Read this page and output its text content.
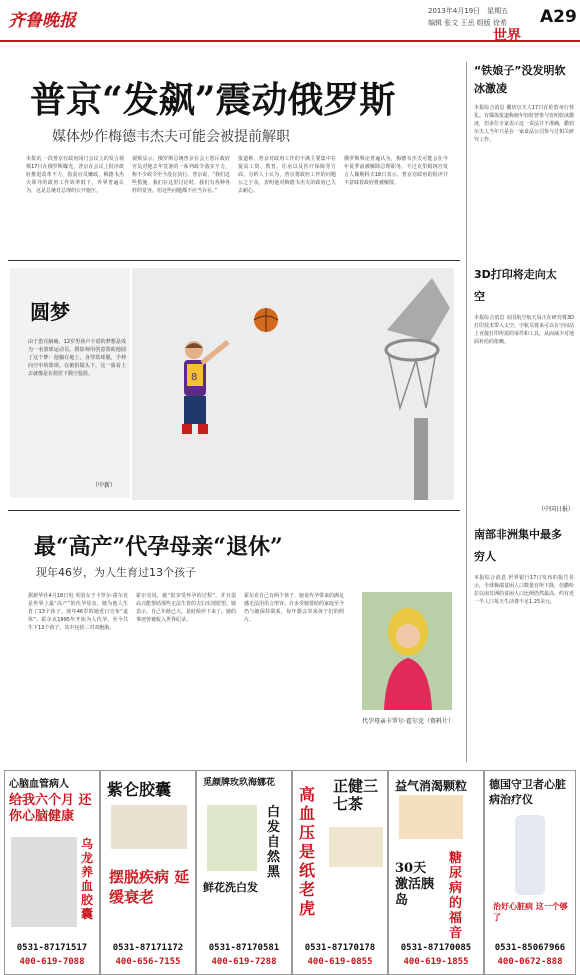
齐鲁晚报	2013年4月19日　星期五
编辑 张文 王岳 组版 徐希 A29
世界
普京“发飙”震动俄罗斯
媒体炒作梅德韦杰夫可能会被提前解职
本报讯 一段普京在政府闭门会议上的发言视频17日在俄罗斯曝光，普京在会议上批评政府推进改革不力，指责官员懒政，梅德韦杰夫领导的政府工作效率低下，外界普遍认为，这是总统对总理的公开施压。
视频显示，俄罗斯总统普京在会上怒斥政府官员对他去年签署的一系列政令落实不力，称不少政令至今没有执行。普京说，“我们这些措施，我们在这里讨论时，我们有各种各样的宽容，但这些问题都不应当存在。”
报道称，普京对政府工作的不满主要集中在提高工资、教育、住房以及医疗保障等方面。分析人士认为，普京将政府工作的问题公之于众，表明他对梅德韦杰夫的政府已失去耐心。
俄罗斯舆论普遍认为，梅德韦杰夫可能会在今年夏季前被解除总理职务。不过克里姆林宫发言人佩斯科夫18日表示，普京对政府的批评并不意味着政府将被解散。
圆梦
由于患有脑瘫，12岁男孩卢卡诺的梦想是成为一名篮球运动员。摄影师用创意帮助他圆了这个梦：他躺在地上，身穿篮球服，手伸向空中的篮球，在俯拍镜头下，这一幕看上去就像是在篮筐下腾空投篮。
（中新）
8
最“高产”代孕母亲“退休”
现年46岁，为人生育过13个孩子
据新华社4月18日电 英国女子卡罗尔·霍尔克是世界上最“高产”的代孕母亲，她为他人生育了13个孩子。现年46岁的她近日宣布“退休”。霍尔克1995年开始为人代孕，至今共生下13个孩子，其中包括三对双胞胎。
霍尔克说，她“很享受怀孕的过程”，并且很高兴能帮助那些无法生育的夫妇实现愿望。她表示，自己年龄已大，是时候停下来了。她的事迹曾被收入世界纪录。
霍尔克自己有两个孩子，她说代孕带来的满足感无法用语言形容。许多受她帮助的家庭至今仍与她保持联系，每年都会寄来孩子们的照片。
代孕母亲卡罗尔·霍尔克（资料片）
“铁娘子”没发明软冰激凌
本报综合消息 撒切尔夫人17日在伦敦举行葬礼。有媒体报道称她年轻时曾参与发明软冰激凌，但多位专家表示这一说法并不准确，撒切尔夫人当年只是在一家食品公司参与过相关研究工作。
3D打印将走向太空
本报综合消息 美国航空航天局正在研究将3D打印技术带入太空，宇航员将来可以在空间站上直接打印所需的零件和工具，从而减少对地面补给的依赖。
（中国日报）
南部非洲集中最多穷人
本报综合消息 世界银行17日发布的报告显示，全球极端贫困人口数量有所下降，但撒哈拉以南非洲的贫困人口比例仍然最高，约有近一半人口每天生活费不足1.25美元。
心脑血管病人
给我六个月 还你心脑健康
乌龙养血胶囊
0531-87171517
400-619-7088
紫仑胶囊
摆脱疾病 延缓衰老
0531-87171172
400-656-7155
觅颜牌玫玖海娜花
白发自然黑
鲜花洗白发
0531-87170581
400-619-7288
正健三七茶
高血压是纸老虎
0531-87170178
400-619-0855
益气消渴颗粒
30天激活胰岛
糖尿病的福音
0531-87170085
400-619-1855
德国守卫者心脏病治疗仪
治好心脏病 这一个够了
0531-85067966
400-0672-888
